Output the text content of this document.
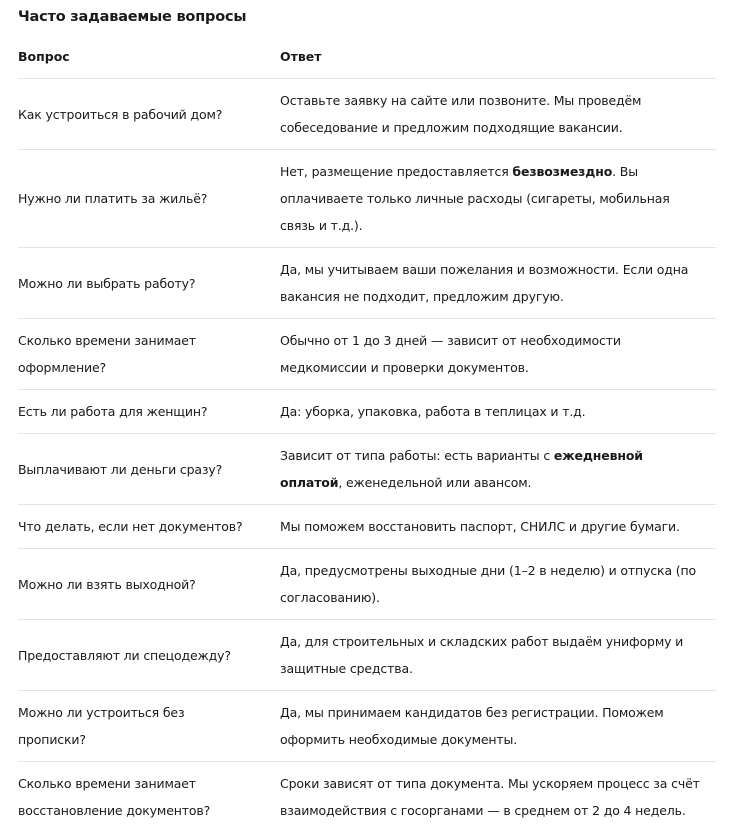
Часто задаваемые вопросы
Вопрос	Ответ
Как устроиться в рабочий дом?	Оставьте заявку на сайте или позвоните. Мы проведём собеседование и предложим подходящие вакансии.
Нужно ли платить за жильё?	Нет, размещение предоставляется безвозмездно. Вы оплачиваете только личные расходы (сигареты, мобильная связь и т.д.).
Можно ли выбрать работу?	Да, мы учитываем ваши пожелания и возможности. Если одна вакансия не подходит, предложим другую.
Сколько времени занимает оформление?	Обычно от 1 до 3 дней — зависит от необходимости медкомиссии и проверки документов.
Есть ли работа для женщин?	Да: уборка, упаковка, работа в теплицах и т.д.
Выплачивают ли деньги сразу?	Зависит от типа работы: есть варианты с ежедневной оплатой, еженедельной или авансом.
Что делать, если нет документов?	Мы поможем восстановить паспорт, СНИЛС и другие бумаги.
Можно ли взять выходной?	Да, предусмотрены выходные дни (1–2 в неделю) и отпуска (по согласованию).
Предоставляют ли спецодежду?	Да, для строительных и складских работ выдаём униформу и защитные средства.
Можно ли устроиться без прописки?	Да, мы принимаем кандидатов без регистрации. Поможем оформить необходимые документы.
Сколько времени занимает восстановление документов?	Сроки зависят от типа документа. Мы ускоряем процесс за счёт взаимодействия с госорганами — в среднем от 2 до 4 недель.
